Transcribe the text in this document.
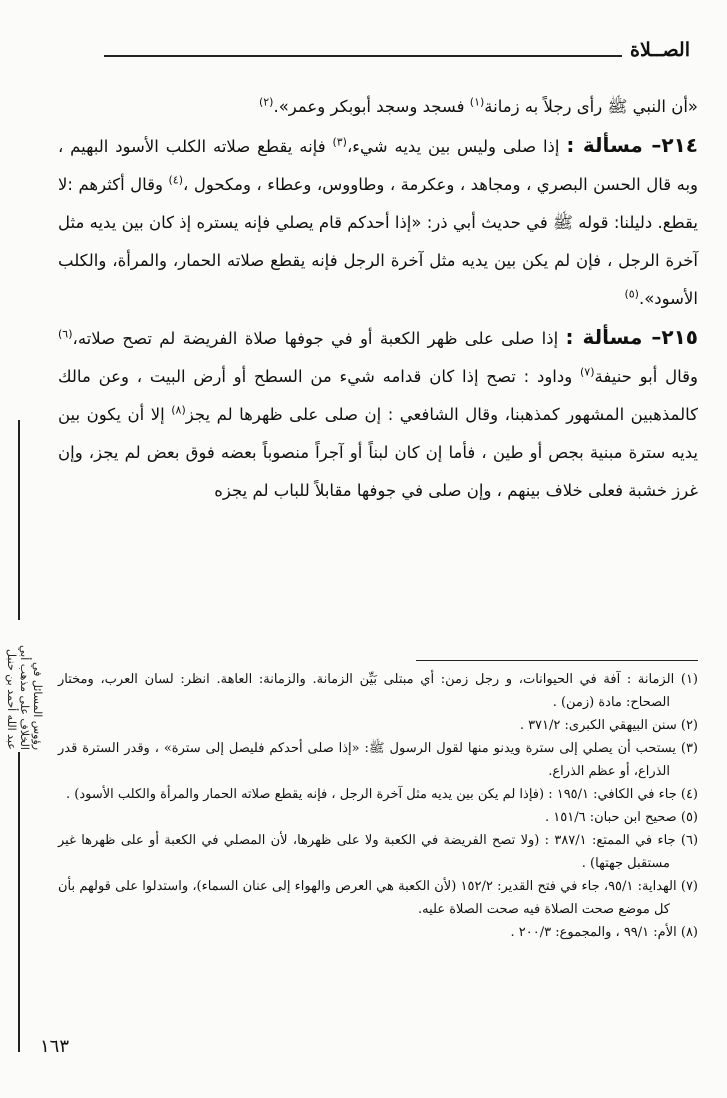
الصــلاة
رؤوس المسائل في الخلاف على مذهب أبي عبد الله أحمد بن حنبل

«أن النبي ﷺ رأى رجلاً به زمانة$^{(١)}$ فسجد وسجد أبوبكر وعمر».$^{(٢)}$

٢١٤– مسألة : إذا صلى وليس بين يديه شيء،$^{(٣)}$ فإنه يقطع صلاته الكلب الأسود البهيم ، وبه قال الحسن البصري ، ومجاهد ، وعكرمة ، وطاووس، وعطاء ، ومكحول ،$^{(٤)}$ وقال أكثرهم :لا يقطع. دليلنا: قوله ﷺ في حديث أبي ذر: «إذا أحدكم قام يصلي فإنه يستره إذ كان بين يديه مثل آخرة الرجل ، فإن لم يكن بين يديه مثل آخرة الرجل فإنه يقطع صلاته الحمار، والمرأة، والكلب الأسود».$^{(٥)}$

٢١٥– مسألة : إذا صلى على ظهر الكعبة أو في جوفها صلاة الفريضة لم تصح صلاته،$^{(٦)}$ وقال أبو حنيفة$^{(٧)}$ وداود : تصح إذا كان قدامه شيء من السطح أو أرض البيت ، وعن مالك كالمذهبين المشهور كمذهبنا، وقال الشافعي : إن صلى على ظهرها لم يجز$^{(٨)}$ إلا أن يكون بين يديه سترة مبنية بجص أو طين ، فأما إن كان لبناً أو آجراً منصوباً بعضه فوق بعض لم يجز، وإن غرز خشبة فعلى خلاف بينهم ، وإن صلى في جوفها مقابلاً للباب لم يجزه

(١) الزمانة : آفة في الحيوانات، و رجل زمن: أي مبتلى بَيِّن الزمانة. والزمانة: العاهة. انظر: لسان العرب، ومختار الصحاح: مادة (زمن) .

(٢) سنن البيهقي الكبرى: ٣٧١/٢ .

(٣) يستحب أن يصلي إلى سترة ويدنو منها لقول الرسول ﷺ: «إذا صلى أحدكم فليصل إلى سترة» ، وقدر السترة قدر الذراع، أو عظم الذراع.

(٤) جاء في الكافي: ١٩٥/١ : (فإذا لم يكن بين يديه مثل آخرة الرجل ، فإنه يقطع صلاته الحمار والمرأة والكلب الأسود) .

(٥) صحيح ابن حبان: ١٥١/٦ .

(٦) جاء في الممتع: ٣٨٧/١ : (ولا تصح الفريضة في الكعبة ولا على ظهرها، لأن المصلي في الكعبة أو على ظهرها غير مستقبل جهتها) .

(٧) الهداية: ٩٥/١، جاء في فتح القدير: ١٥٢/٢ (لأن الكعبة هي العرص والهواء إلى عنان السماء)، واستدلوا على قولهم بأن كل موضع صحت الصلاة فيه صحت الصلاة عليه.

(٨) الأم: ٩٩/١ ، والمجموع: ٢٠٠/٣ .

١٦٣
